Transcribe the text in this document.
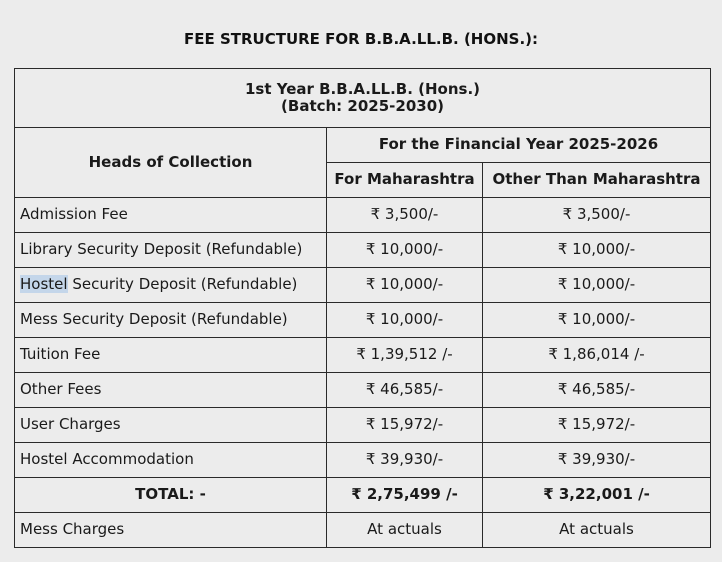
FEE STRUCTURE FOR B.B.A.LL.B. (HONS.):
1st Year B.B.A.LL.B. (Hons.)
(Batch: 2025-2030)		

Heads of Collection	For the Financial Year 2025-2026	
	For Maharashtra	Other Than Maharashtra
Admission Fee	₹ 3,500/-	₹ 3,500/-
Library Security Deposit (Refundable)	₹ 10,000/-	₹ 10,000/-
Hostel Security Deposit (Refundable)	₹ 10,000/-	₹ 10,000/-
Mess Security Deposit (Refundable)	₹ 10,000/-	₹ 10,000/-
Tuition Fee	₹ 1,39,512 /-	₹ 1,86,014 /-
Other Fees	₹ 46,585/-	₹ 46,585/-
User Charges	₹ 15,972/-	₹ 15,972/-
Hostel Accommodation	₹ 39,930/-	₹ 39,930/-
TOTAL: -	₹ 2,75,499 /-	₹ 3,22,001 /-
Mess Charges	At actuals	At actuals
